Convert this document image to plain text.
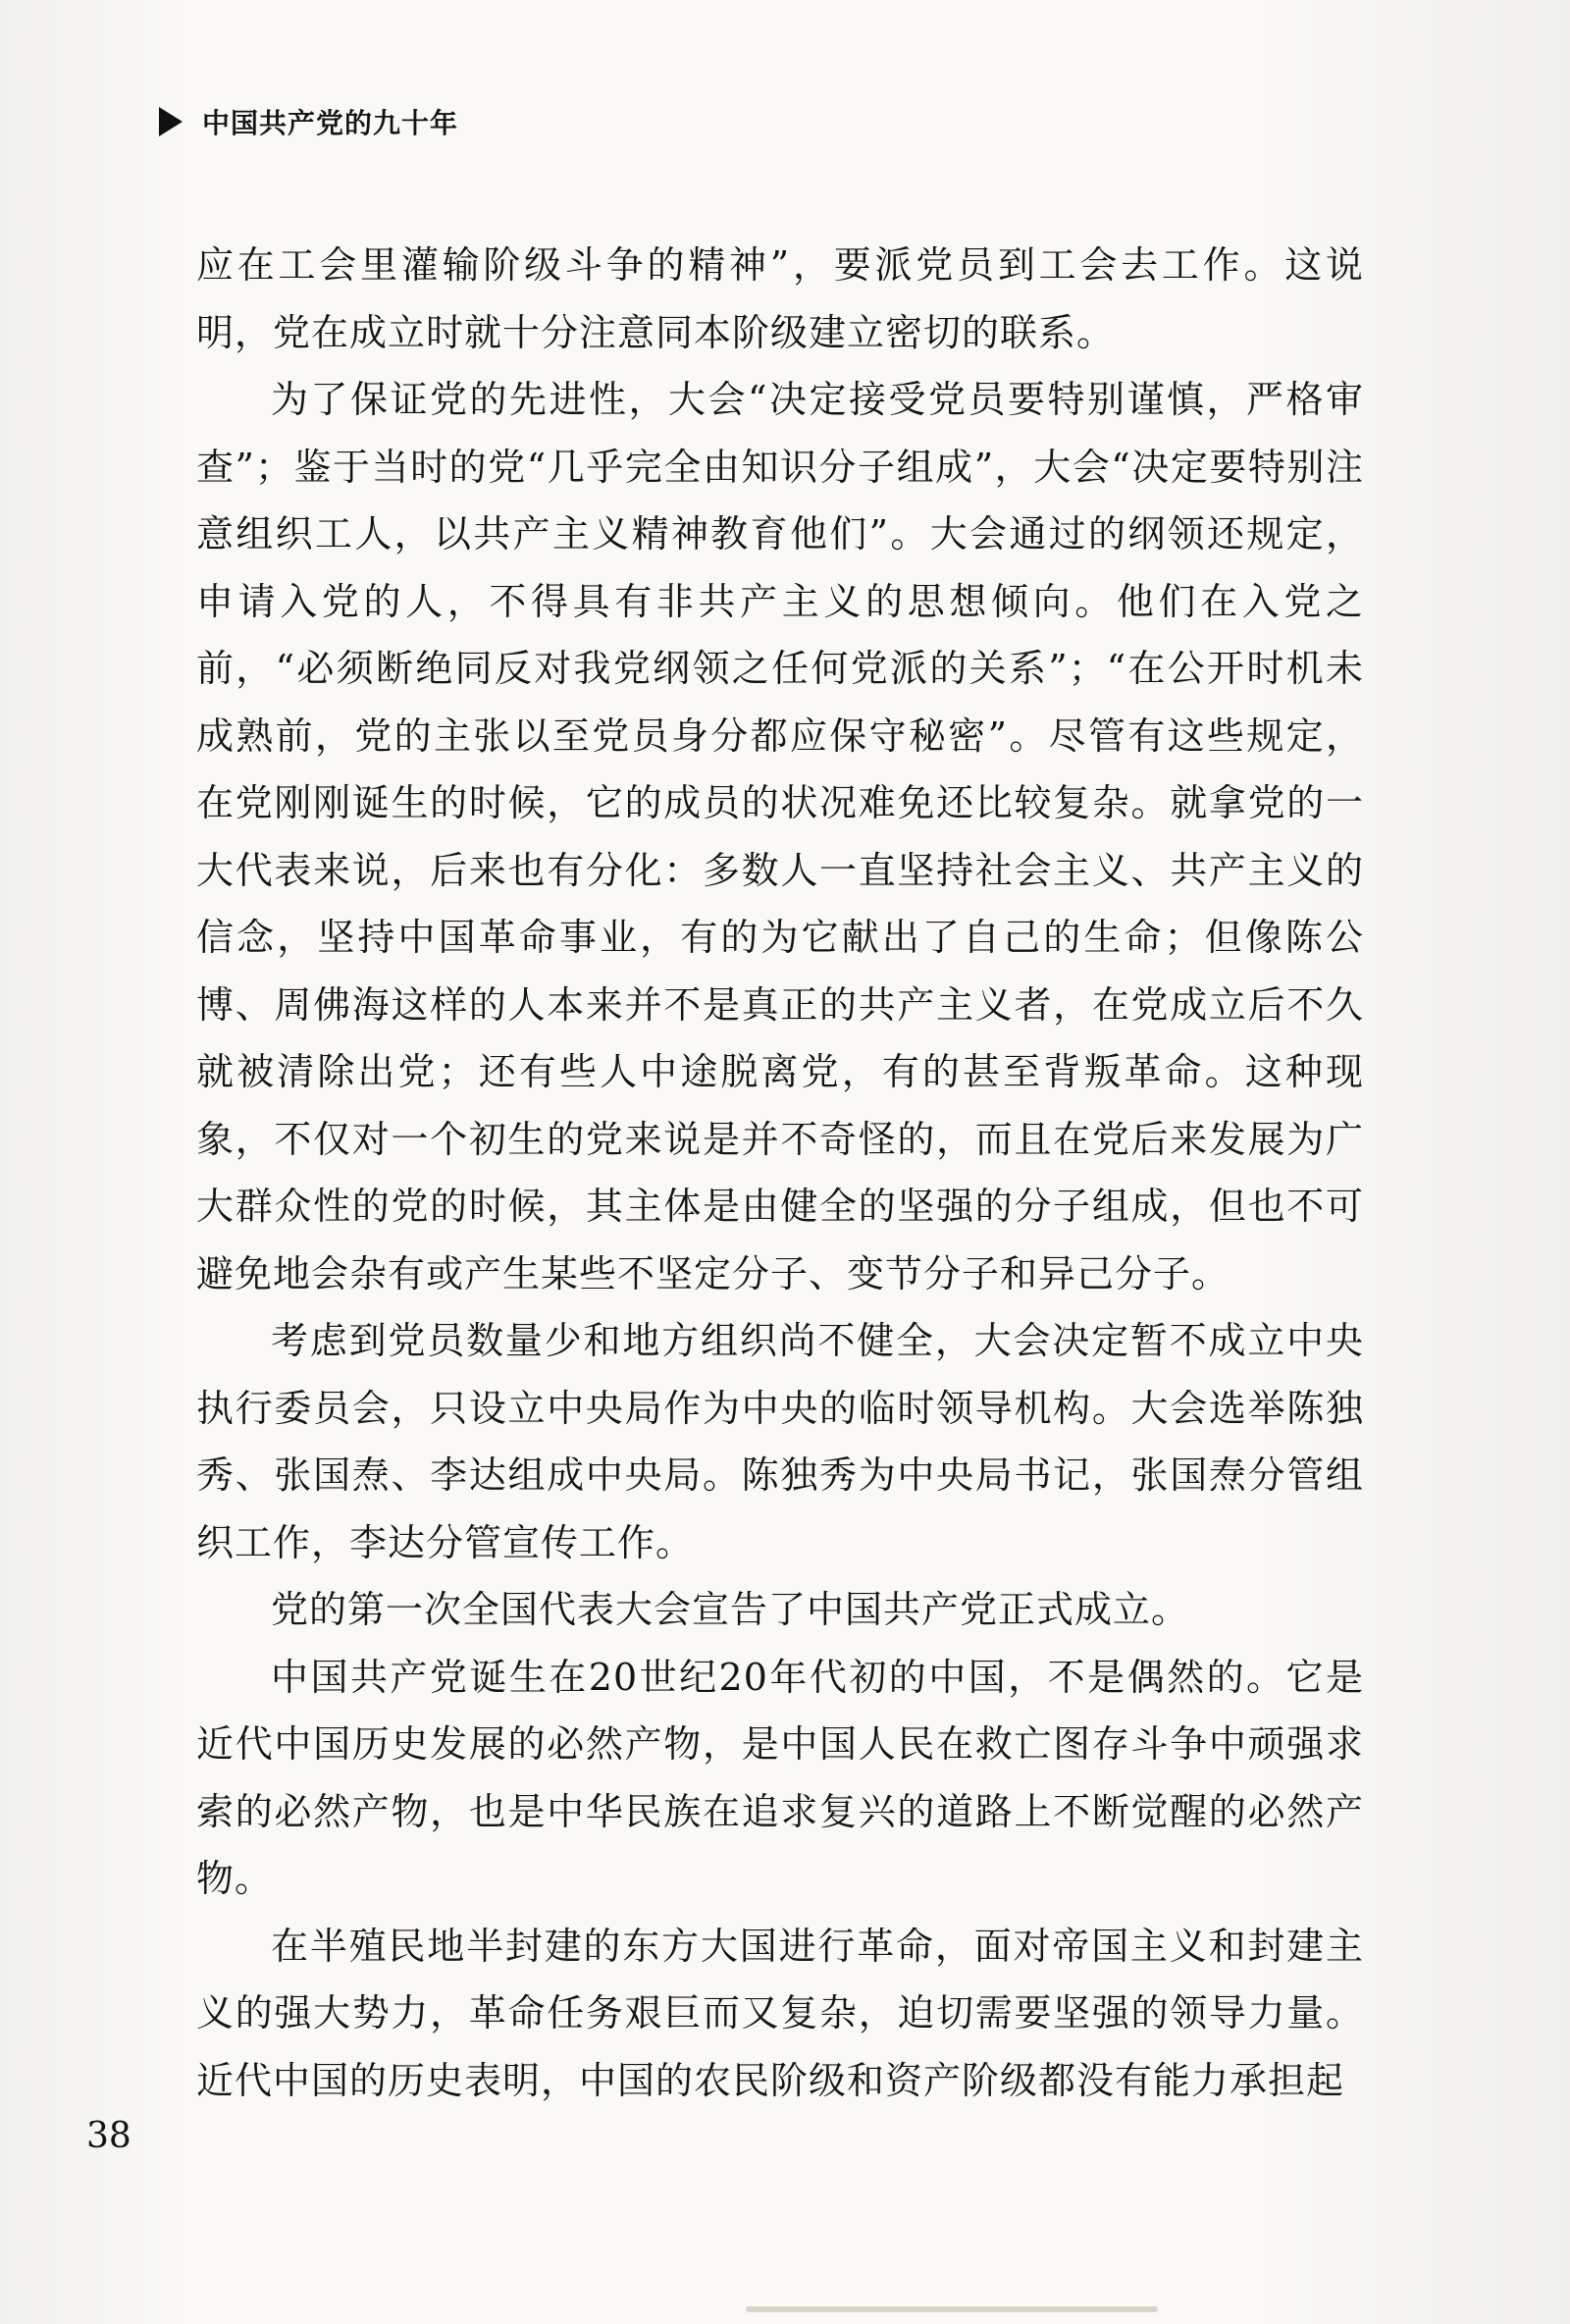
中国共产党的九十年

应在工会里灌输阶级斗争的精神”，要派党员到工会去工作。这说明，党在成立时就十分注意同本阶级建立密切的联系。

为了保证党的先进性，大会“决定接受党员要特别谨慎，严格审查”；鉴于当时的党“几乎完全由知识分子组成”，大会“决定要特别注意组织工人，以共产主义精神教育他们”。大会通过的纲领还规定，申请入党的人，不得具有非共产主义的思想倾向。他们在入党之前，“必须断绝同反对我党纲领之任何党派的关系”；“在公开时机未成熟前，党的主张以至党员身分都应保守秘密”。尽管有这些规定，在党刚刚诞生的时候，它的成员的状况难免还比较复杂。就拿党的一大代表来说，后来也有分化：多数人一直坚持社会主义、共产主义的信念，坚持中国革命事业，有的为它献出了自己的生命；但像陈公博、周佛海这样的人本来并不是真正的共产主义者，在党成立后不久就被清除出党；还有些人中途脱离党，有的甚至背叛革命。这种现象，不仅对一个初生的党来说是并不奇怪的，而且在党后来发展为广大群众性的党的时候，其主体是由健全的坚强的分子组成，但也不可避免地会杂有或产生某些不坚定分子、变节分子和异己分子。

考虑到党员数量少和地方组织尚不健全，大会决定暂不成立中央执行委员会，只设立中央局作为中央的临时领导机构。大会选举陈独秀、张国焘、李达组成中央局。陈独秀为中央局书记，张国焘分管组织工作，李达分管宣传工作。

党的第一次全国代表大会宣告了中国共产党正式成立。

中国共产党诞生在20世纪20年代初的中国，不是偶然的。它是近代中国历史发展的必然产物，是中国人民在救亡图存斗争中顽强求索的必然产物，也是中华民族在追求复兴的道路上不断觉醒的必然产物。

在半殖民地半封建的东方大国进行革命，面对帝国主义和封建主义的强大势力，革命任务艰巨而又复杂，迫切需要坚强的领导力量。近代中国的历史表明，中国的农民阶级和资产阶级都没有能力承担起

38
